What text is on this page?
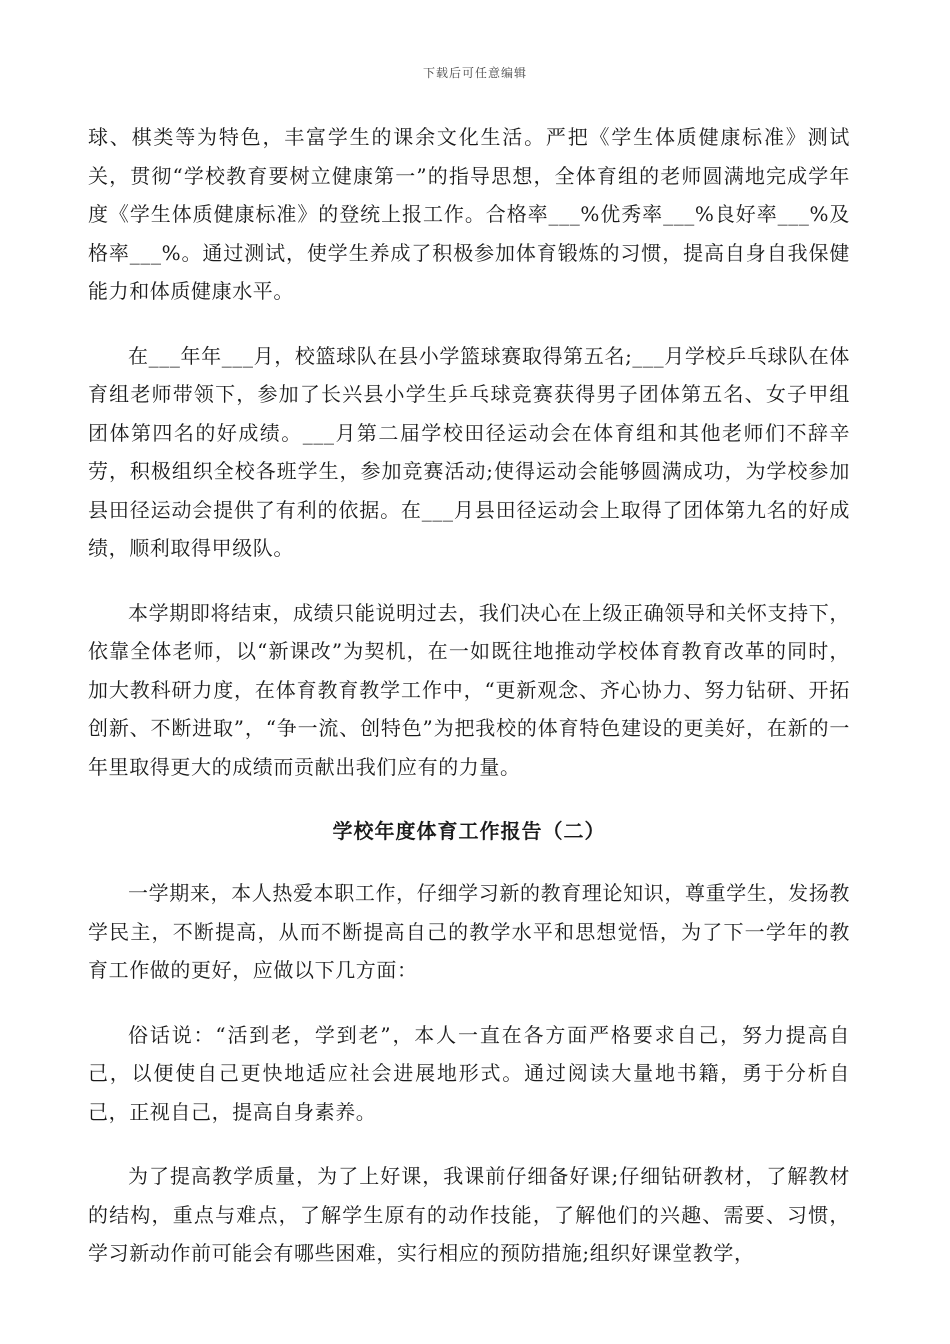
下载后可任意编辑

球、棋类等为特色，丰富学生的课余文化生活。严把《学生体质健康标准》测试关，贯彻“学校教育要树立健康第一”的指导思想，全体育组的老师圆满地完成学年度《学生体质健康标准》的登统上报工作。合格率___%优秀率___%良好率___%及格率___%。通过测试，使学生养成了积极参加体育锻炼的习惯，提高自身自我保健能力和体质健康水平。

在___年年___月，校篮球队在县小学篮球赛取得第五名;___月学校乒乓球队在体育组老师带领下，参加了长兴县小学生乒乓球竞赛获得男子团体第五名、女子甲组团体第四名的好成绩。___月第二届学校田径运动会在体育组和其他老师们不辞辛劳，积极组织全校各班学生，参加竞赛活动;使得运动会能够圆满成功，为学校参加县田径运动会提供了有利的依据。在___月县田径运动会上取得了团体第九名的好成绩，顺利取得甲级队。

本学期即将结束，成绩只能说明过去，我们决心在上级正确领导和关怀支持下，依靠全体老师，以“新课改”为契机，在一如既往地推动学校体育教育改革的同时，加大教科研力度，在体育教育教学工作中，“更新观念、齐心协力、努力钻研、开拓创新、不断进取”，“争一流、创特色”为把我校的体育特色建设的更美好，在新的一年里取得更大的成绩而贡献出我们应有的力量。

学校年度体育工作报告（二）

一学期来，本人热爱本职工作，仔细学习新的教育理论知识，尊重学生，发扬教学民主，不断提高，从而不断提高自己的教学水平和思想觉悟，为了下一学年的教育工作做的更好，应做以下几方面：

俗话说：“活到老，学到老”，本人一直在各方面严格要求自己，努力提高自己，以便使自己更快地适应社会进展地形式。通过阅读大量地书籍，勇于分析自己，正视自己，提高自身素养。

为了提高教学质量，为了上好课，我课前仔细备好课;仔细钻研教材，了解教材的结构，重点与难点，了解学生原有的动作技能，了解他们的兴趣、需要、习惯，学习新动作前可能会有哪些困难，实行相应的预防措施;组织好课堂教学，
